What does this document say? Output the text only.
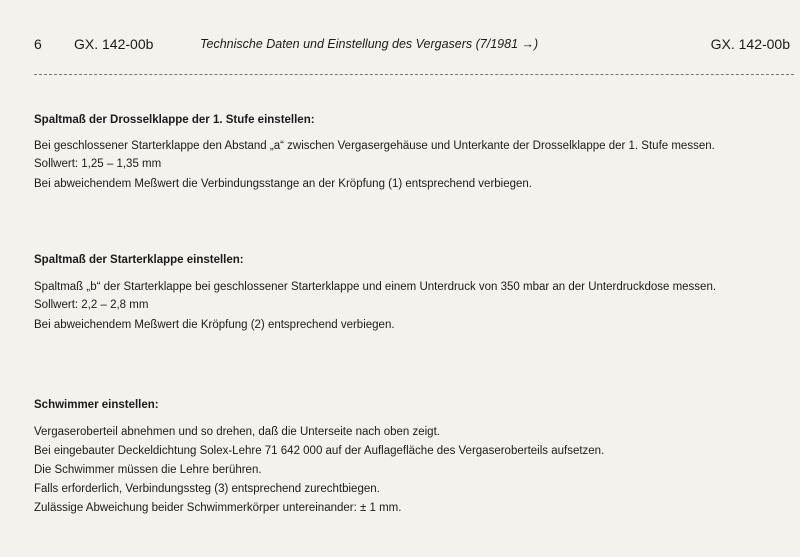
6 GX. 142-00b	Technische Daten und Einstellung des Vergasers (7/1981 →)	GX. 142-00b
Spaltmaß der Drosselklappe der 1. Stufe einstellen:

Bei geschlossener Starterklappe den Abstand „a“ zwischen Vergasergehäuse und Unterkante der Drosselklappe der 1. Stufe messen.

Sollwert: 1,25 – 1,35 mm

Bei abweichendem Meßwert die Verbindungsstange an der Kröpfung (1) entsprechend verbiegen.

Spaltmaß der Starterklappe einstellen:

Spaltmaß „b“ der Starterklappe bei geschlossener Starterklappe und einem Unterdruck von 350 mbar an der Unterdruckdose messen.

Sollwert: 2,2 – 2,8 mm

Bei abweichendem Meßwert die Kröpfung (2) entsprechend verbiegen.

Schwimmer einstellen:

Vergaseroberteil abnehmen und so drehen, daß die Unterseite nach oben zeigt.

Bei eingebauter Deckeldichtung Solex-Lehre 71 642 000 auf der Auflagefläche des Vergaseroberteils aufsetzen.

Die Schwimmer müssen die Lehre berühren.

Falls erforderlich, Verbindungssteg (3) entsprechend zurechtbiegen.

Zulässige Abweichung beider Schwimmerkörper untereinander: ± 1 mm.
